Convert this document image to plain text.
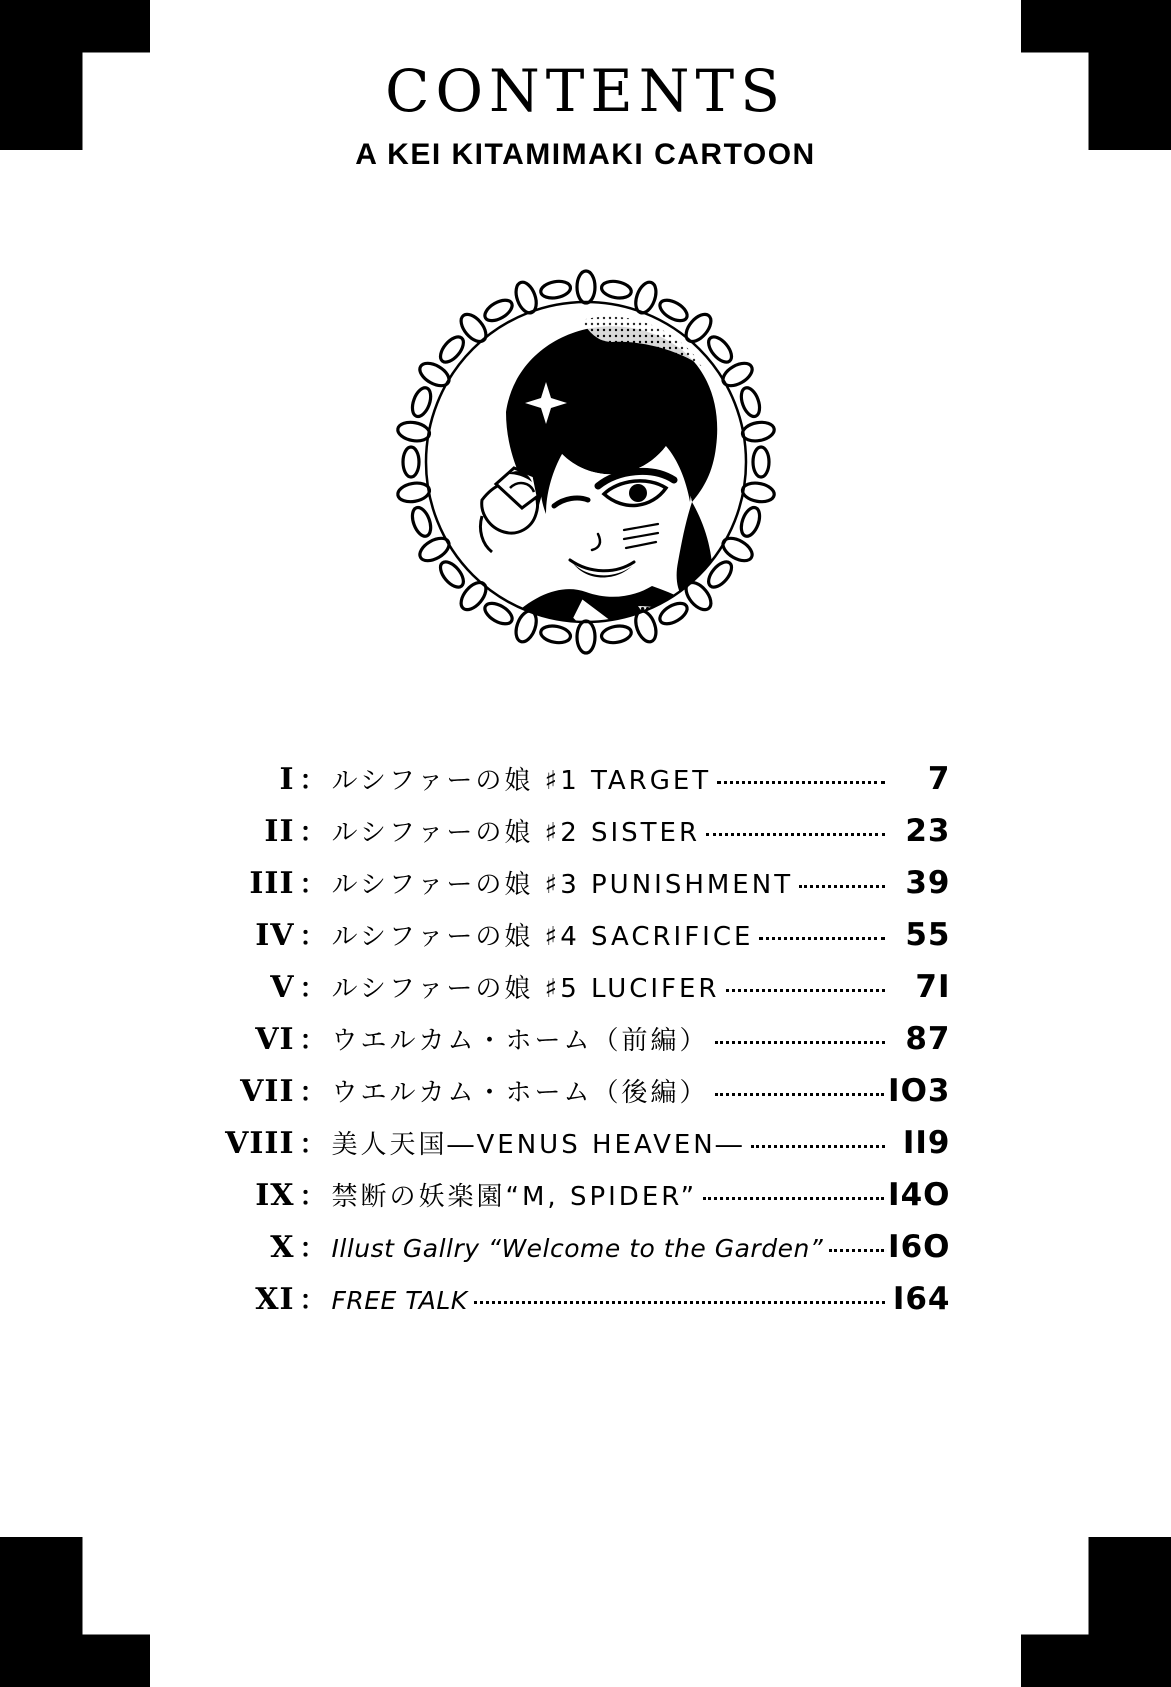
CONTENTS
A KEI KITAMIMAKI CARTOON
I ： ルシファーの娘 ♯1 TARGET	7
II ： ルシファーの娘 ♯2 SISTER	23
III ： ルシファーの娘 ♯3 PUNISHMENT	39
IV ： ルシファーの娘 ♯4 SACRIFICE	55
V ： ルシファーの娘 ♯5 LUCIFER	7I
VI ： ウエルカム・ホーム（前編）	87
VII ： ウエルカム・ホーム（後編）	IO3
VIII ： 美人天国―VENUS HEAVEN―	II9
IX ： 禁断の妖楽園“M, SPIDER”	I4O
X ： Illust Gallry “Welcome to the Garden” I6O
XI ： FREE TALK	I64
